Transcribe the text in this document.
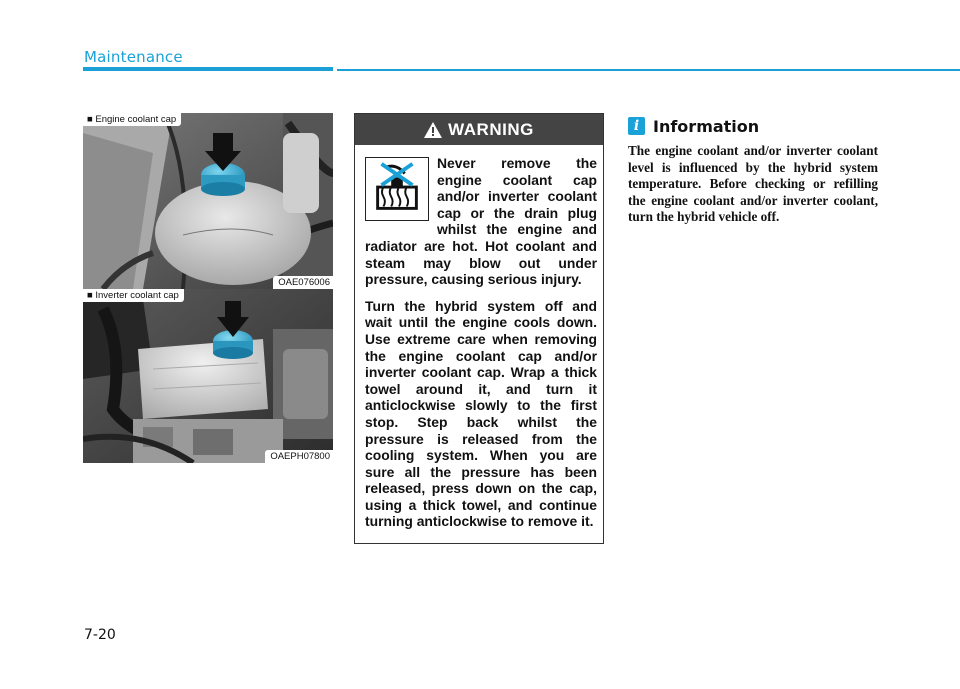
Maintenance
■ Engine coolant cap
OAE076006
■ Inverter coolant cap
OAEPH07800
WARNING

Never remove the engine coolant cap and/or inverter coolant cap or the drain plug whilst the engine and radiator are hot. Hot coolant and steam may blow out under pressure, causing serious injury.

Turn the hybrid system off and wait until the engine cools down. Use extreme care when removing the engine coolant cap and/or inverter coolant cap. Wrap a thick towel around it, and turn it anticlockwise slowly to the first stop. Step back whilst the pressure is released from the cooling system. When you are sure all the pressure has been released, press down on the cap, using a thick towel, and continue turning anticlockwise to remove it.

i Information
The engine coolant and/or inverter coolant level is influenced by the hybrid system temperature. Before checking or refilling the engine coolant and/or inverter coolant, turn the hybrid vehicle off.
7-20
